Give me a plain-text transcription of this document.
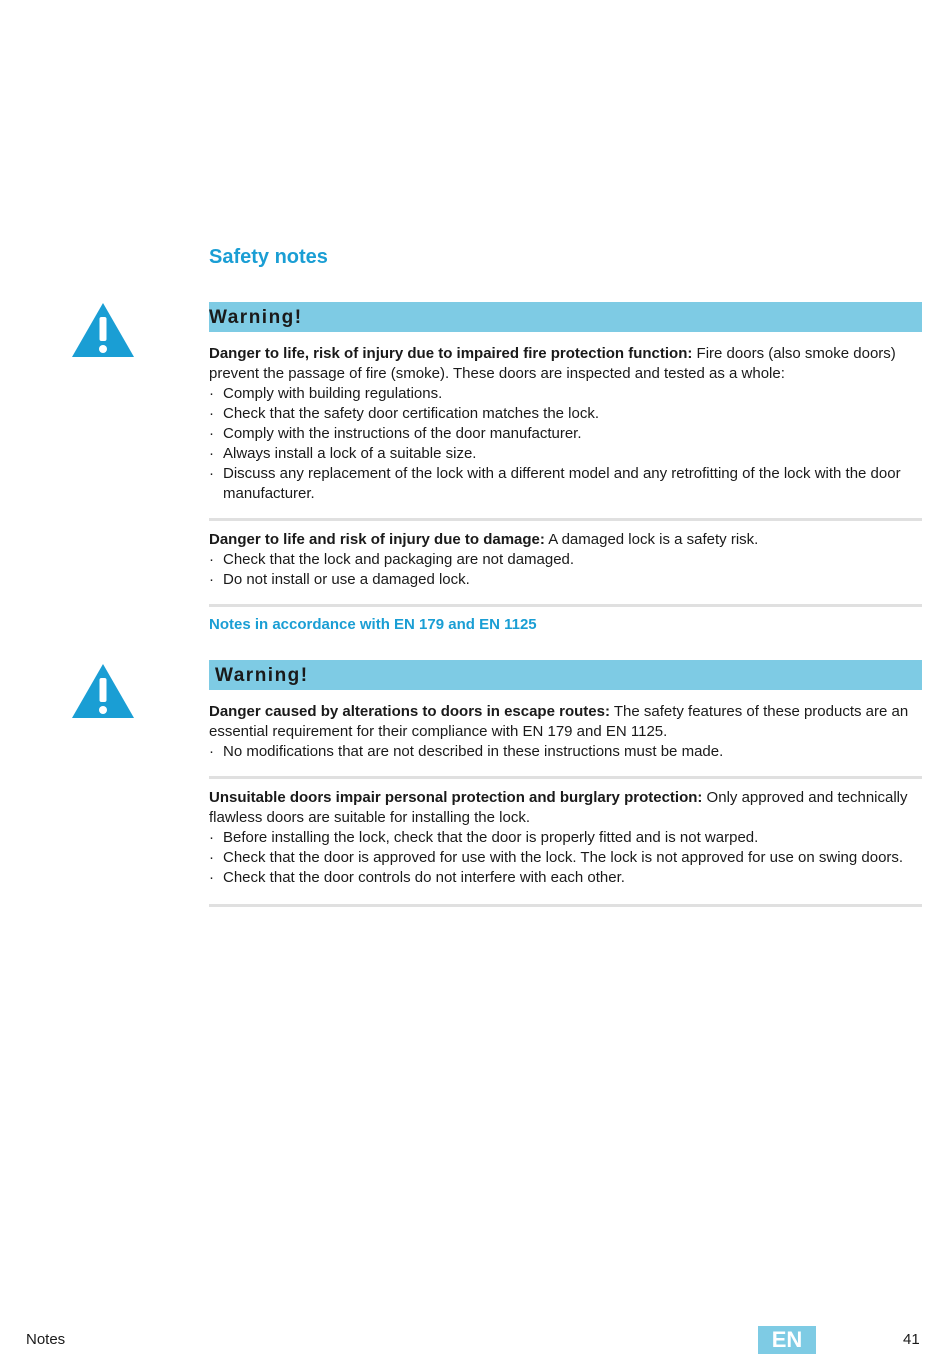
Safety notes
Warning!
Danger to life, risk of injury due to impaired fire protection function: Fire doors (also smoke doors) prevent the passage of fire (smoke). These doors are inspected and tested as a whole:
· Comply with building regulations.
· Check that the safety door certification matches the lock.
· Comply with the instructions of the door manufacturer.
· Always install a lock of a suitable size.
· Discuss any replacement of the lock with a different model and any retrofitting of the lock with the door manufacturer.
Danger to life and risk of injury due to damage: A damaged lock is a safety risk.
· Check that the lock and packaging are not damaged.
· Do not install or use a damaged lock.
Notes in accordance with EN 179 and EN 1125
Warning!
Danger caused by alterations to doors in escape routes: The safety features of these products are an essential requirement for their compliance with EN 179 and EN 1125.
· No modifications that are not described in these instructions must be made.
Unsuitable doors impair personal protection and burglary protection: Only approved and technically flawless doors are suitable for installing the lock.
· Before installing the lock, check that the door is properly fitted and is not warped.
· Check that the door is approved for use with the lock. The lock is not approved for use on swing doors.
· Check that the door controls do not interfere with each other.
Notes	EN	41
